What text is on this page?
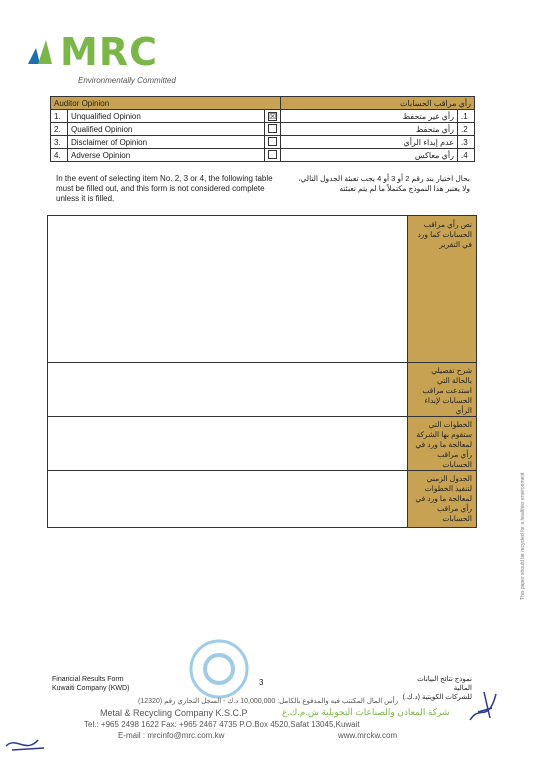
MRC
Environmentally Committed
Auditor Opinion			رأي مراقب الحسابات	
1.	Unqualified Opinion	☒	رأي غير متحفظ	.1
2.	Qualified Opinion		رأي متحفظ	.2
3.	Disclaimer of Opinion		عدم إبداء الرأي	.3
4.	Adverse Opinion		رأي معاكس	.4
In the event of selecting item No. 2, 3 or 4, the following table must be filled out, and this form is not considered complete unless it is filled.
بحال اختيار بند رقم 2 أو 3 أو 4 يجب تعبئة الجدول التالي، ولا يعتبر هذا النموذج مكتملاً ما لم يتم تعبئته
نص رأي مراقب الحسابات كما ورد في التقرير
شرح تفصيلي بالحالة التي استدعت مراقب الحسابات لإبداء الرأي
الخطوات التي ستقوم بها الشركة لمعالجة ما ورد في رأي مراقب الحسابات
الجدول الزمني لتنفيذ الخطوات لمعالجة ما ورد في رأي مراقب الحسابات
Financial Results Form
Kuwaiti Company (KWD)
3	نموذج نتائج البيانات المالية
للشركات الكويتية (د.ك.)
رأس المال المكتتب فيه والمدفوع بالكامل: 10,000,000 د.ك - السجل التجاري رقم (12320)
Metal & Recycling Company K.S.C.P	شركة المعادن والصناعات التحويلية ش.م.ك.ع
Tel.: +965 2498 1622 Fax: +965 2467 4735 P.O.Box 4520,Safat 13045,Kuwait
E-mail : mrcinfo@mrc.com.kw	www.mrckw.com
This paper should be recycled for a healthier environment
